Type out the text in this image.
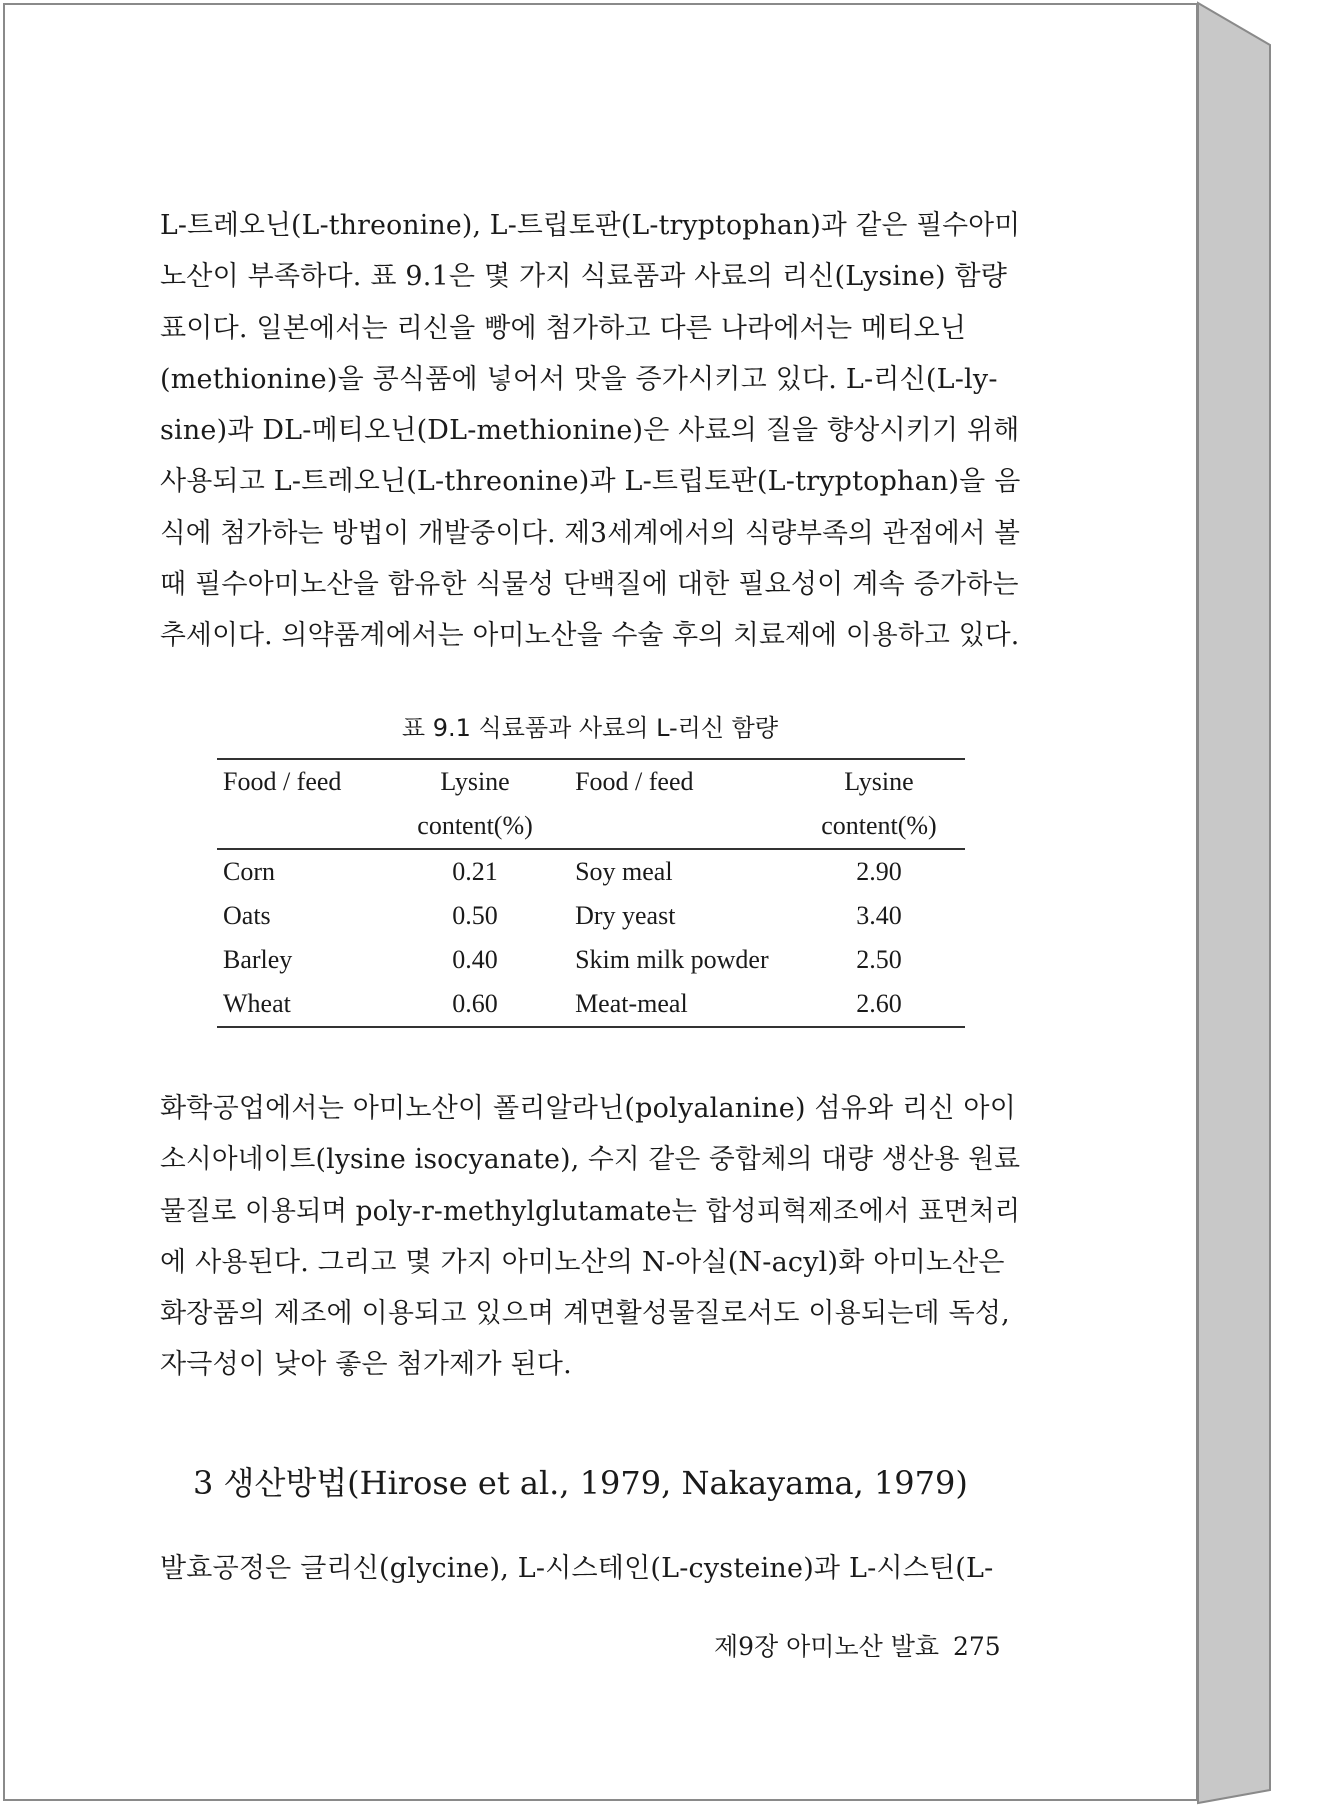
L-트레오닌(L-threonine), L-트립토판(L-tryptophan)과 같은 필수아미
노산이 부족하다. 표 9.1은 몇 가지 식료품과 사료의 리신(Lysine) 함량
표이다. 일본에서는 리신을 빵에 첨가하고 다른 나라에서는 메티오닌
(methionine)을 콩식품에 넣어서 맛을 증가시키고 있다. L-리신(L-ly-
sine)과 DL-메티오닌(DL-methionine)은 사료의 질을 향상시키기 위해
사용되고 L-트레오닌(L-threonine)과 L-트립토판(L-tryptophan)을 음
식에 첨가하는 방법이 개발중이다. 제3세계에서의 식량부족의 관점에서 볼
때 필수아미노산을 함유한 식물성 단백질에 대한 필요성이 계속 증가하는
추세이다. 의약품계에서는 아미노산을 수술 후의 치료제에 이용하고 있다.

표 9.1 식료품과 사료의 L-리신 함량
Food / feed	Lysine	Food / feed	Lysine
	content(%)		content(%)
Corn	0.21	Soy meal	2.90
Oats	0.50	Dry yeast	3.40
Barley	0.40	Skim milk powder	2.50
Wheat	0.60	Meat-meal	2.60

화학공업에서는 아미노산이 폴리알라닌(polyalanine) 섬유와 리신 아이
소시아네이트(lysine isocyanate), 수지 같은 중합체의 대량 생산용 원료
물질로 이용되며 poly-r-methylglutamate는 합성피혁제조에서 표면처리
에 사용된다. 그리고 몇 가지 아미노산의 N-아실(N-acyl)화 아미노산은
화장품의 제조에 이용되고 있으며 계면활성물질로서도 이용되는데 독성,
자극성이 낮아 좋은 첨가제가 된다.

3 생산방법(Hirose et al., 1979, Nakayama, 1979)

발효공정은 글리신(glycine), L-시스테인(L-cysteine)과 L-시스틴(L-

제9장 아미노산 발효 275
